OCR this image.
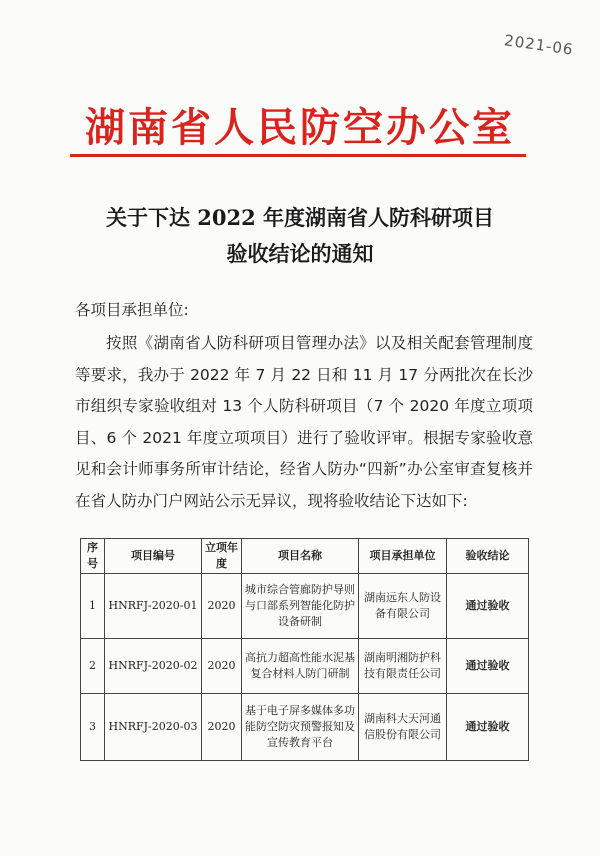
2021-06
湖南省人民防空办公室
关于下达 2022 年度湖南省人防科研项目
验收结论的通知
各项目承担单位:

按照《湖南省人防科研项目管理办法》以及相关配套管理制度等要求，我办于 2022 年 7 月 22 日和 11 月 17 分两批次在长沙市组织专家验收组对 13 个人防科研项目（7 个 2020 年度立项项目、6 个 2021 年度立项项目）进行了验收评审。根据专家验收意见和会计师事务所审计结论，经省人防办“四新”办公室审查复核并在省人防办门户网站公示无异议，现将验收结论下达如下:

序号	项目编号	立项年度	项目名称	项目承担单位	验收结论
1	HNRFJ-2020-01	2020	城市综合管廊防护导则与口部系列智能化防护设备研制	湖南远东人防设备有限公司	通过验收
2	HNRFJ-2020-02	2020	高抗力超高性能水泥基复合材料人防门研制	湖南明湘防护科技有限责任公司	通过验收
3	HNRFJ-2020-03	2020	基于电子屏多媒体多功能防空防灾预警报知及宣传教育平台	湖南科大天河通信股份有限公司	通过验收
